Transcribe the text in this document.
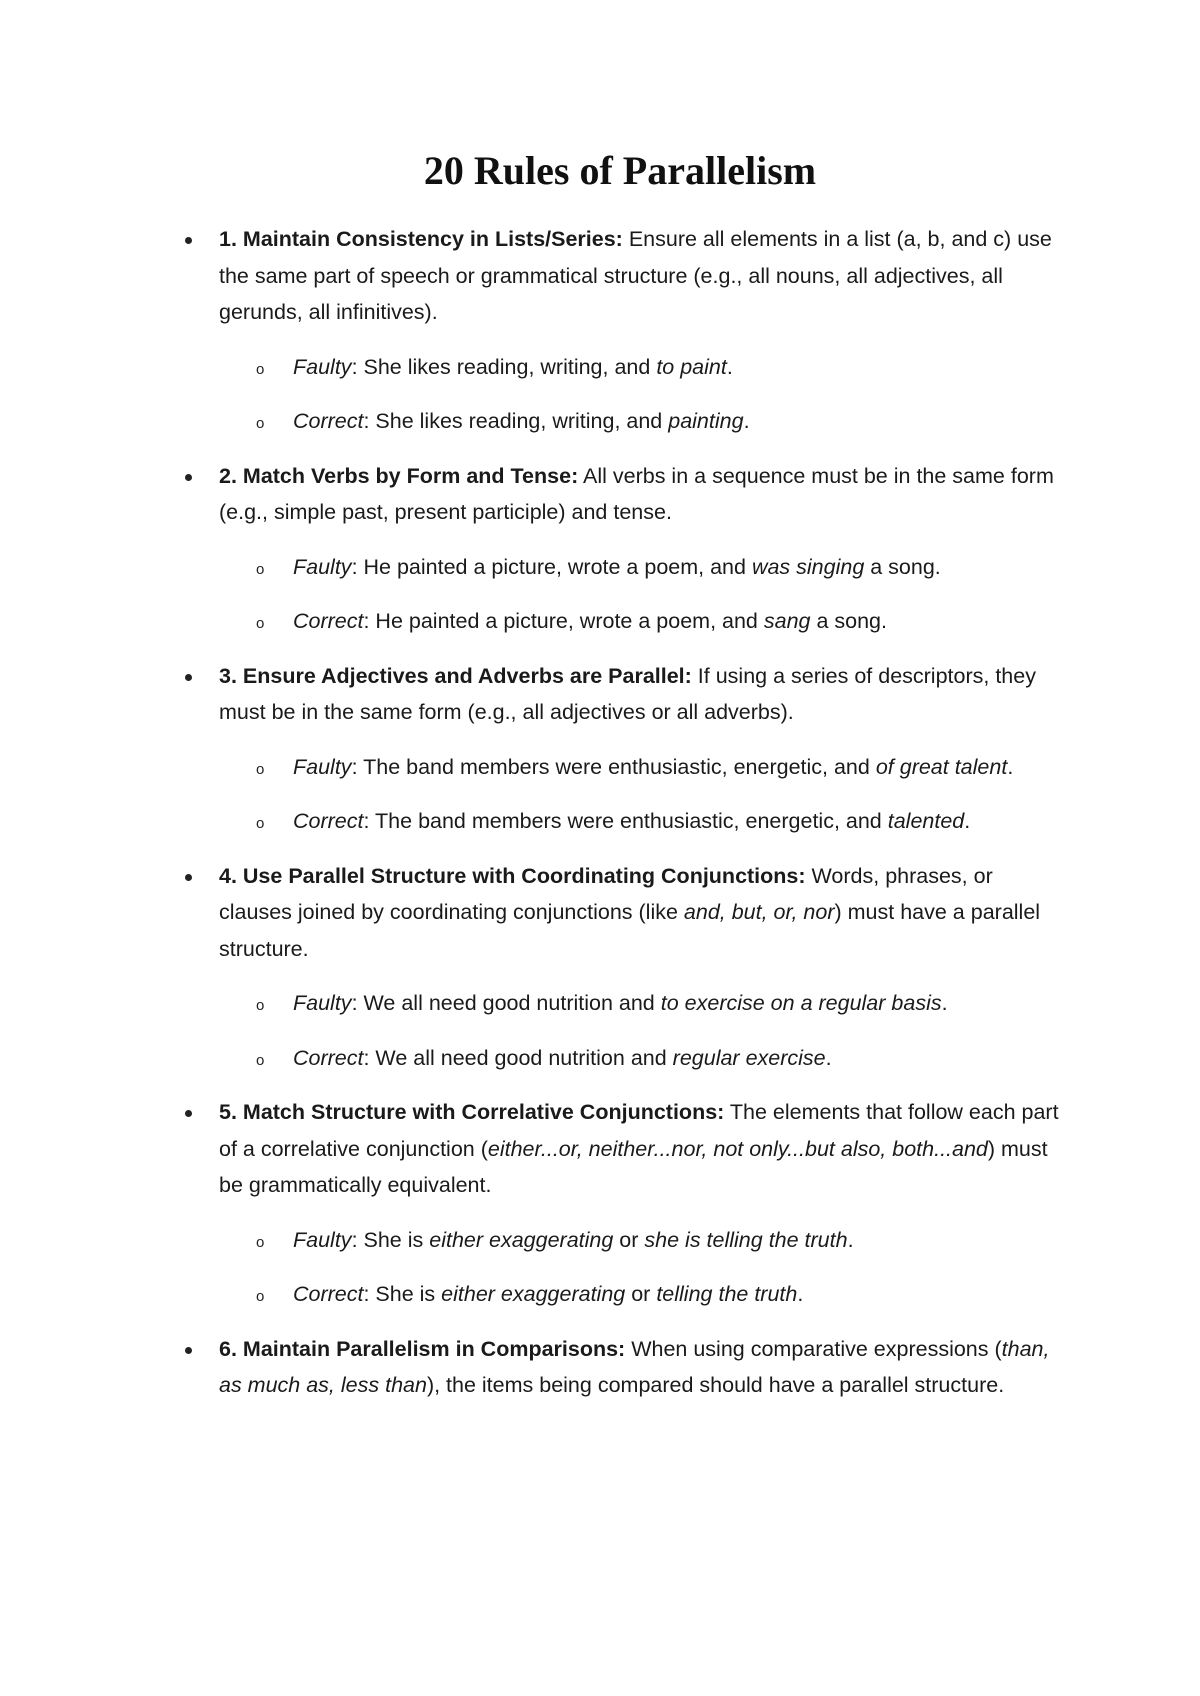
20 Rules of Parallelism
1. Maintain Consistency in Lists/Series: Ensure all elements in a list (a, b, and c) use the same part of speech or grammatical structure (e.g., all nouns, all adjectives, all gerunds, all infinitives).
o Faulty: She likes reading, writing, and to paint.
o Correct: She likes reading, writing, and painting.
2. Match Verbs by Form and Tense: All verbs in a sequence must be in the same form (e.g., simple past, present participle) and tense.
o Faulty: He painted a picture, wrote a poem, and was singing a song.
o Correct: He painted a picture, wrote a poem, and sang a song.
3. Ensure Adjectives and Adverbs are Parallel: If using a series of descriptors, they must be in the same form (e.g., all adjectives or all adverbs).
o Faulty: The band members were enthusiastic, energetic, and of great talent.
o Correct: The band members were enthusiastic, energetic, and talented.
4. Use Parallel Structure with Coordinating Conjunctions: Words, phrases, or clauses joined by coordinating conjunctions (like and, but, or, nor) must have a parallel structure.
o Faulty: We all need good nutrition and to exercise on a regular basis.
o Correct: We all need good nutrition and regular exercise.
5. Match Structure with Correlative Conjunctions: The elements that follow each part of a correlative conjunction (either...or, neither...nor, not only...but also, both...and) must be grammatically equivalent.
o Faulty: She is either exaggerating or she is telling the truth.
o Correct: She is either exaggerating or telling the truth.
6. Maintain Parallelism in Comparisons: When using comparative expressions (than, as much as, less than), the items being compared should have a parallel structure.
